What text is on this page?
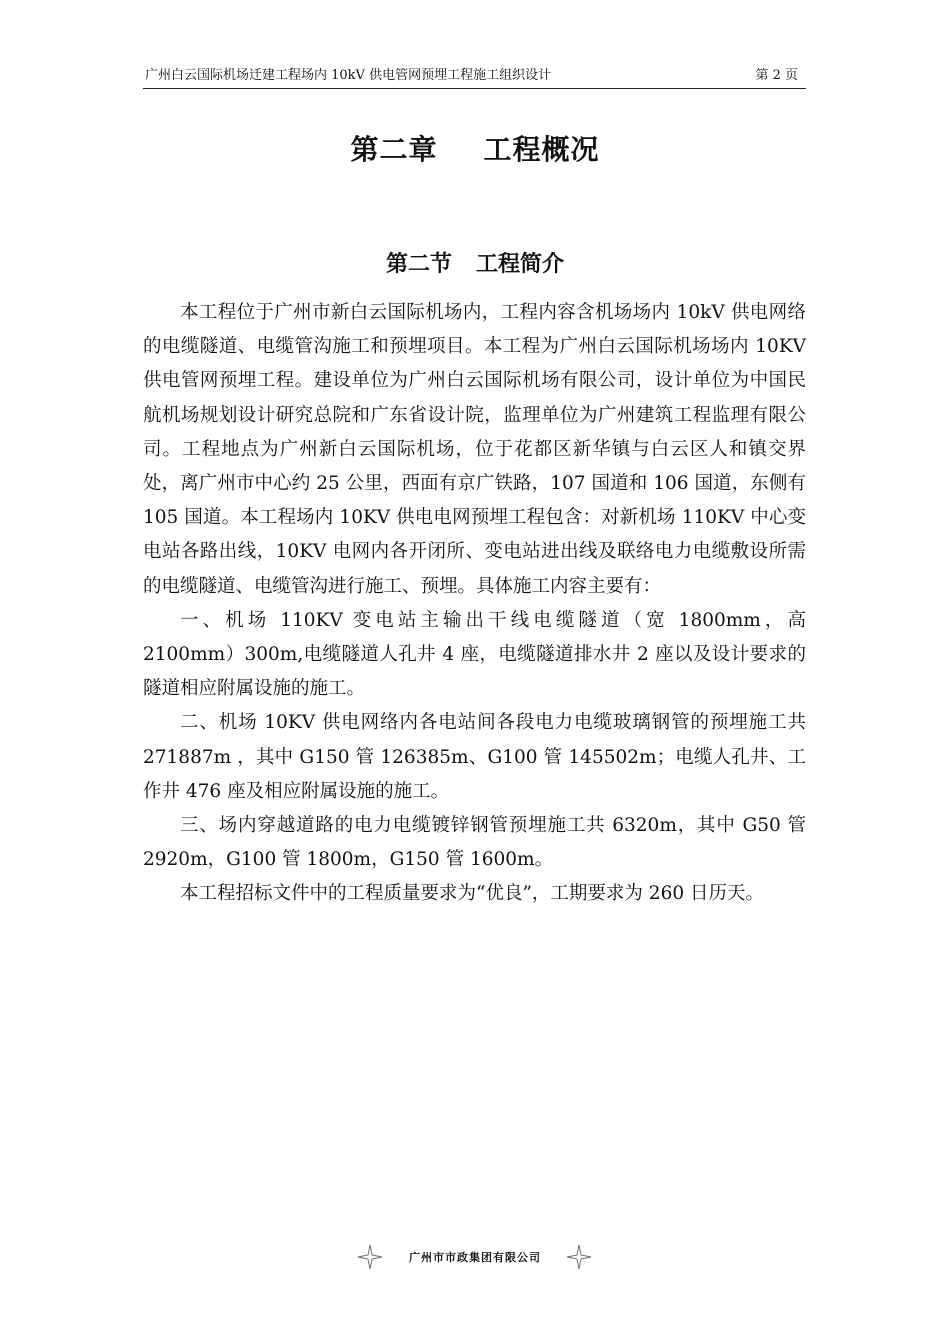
广州白云国际机场迁建工程场内 10kV 供电管网预埋工程施工组织设计	第 2 页
第二章 工程概况
第二节 工程简介

本工程位于广州市新白云国际机场内，工程内容含机场场内 10kV 供电网络的电缆隧道、电缆管沟施工和预埋项目。本工程为广州白云国际机场场内 10KV 供电管网预埋工程。建设单位为广州白云国际机场有限公司，设计单位为中国民航机场规划设计研究总院和广东省设计院，监理单位为广州建筑工程监理有限公司。工程地点为广州新白云国际机场，位于花都区新华镇与白云区人和镇交界处，离广州市中心约 25 公里，西面有京广铁路，107 国道和 106 国道，东侧有 105 国道。本工程场内 10KV 供电电网预埋工程包含：对新机场 110KV 中心变电站各路出线，10KV 电网内各开闭所、变电站进出线及联络电力电缆敷设所需的电缆隧道、电缆管沟进行施工、预埋。具体施工内容主要有：

一、机场 110KV 变电站主输出干线电缆隧道（宽 1800mm，高 2100mm）300m,电缆隧道人孔井 4 座，电缆隧道排水井 2 座以及设计要求的隧道相应附属设施的施工。

二、机场 10KV 供电网络内各电站间各段电力电缆玻璃钢管的预埋施工共 271887m ，其中 G150 管 126385m、G100 管 145502m；电缆人孔井、工作井 476 座及相应附属设施的施工。

三、场内穿越道路的电力电缆镀锌钢管预埋施工共 6320m，其中 G50 管 2920m，G100 管 1800m，G150 管 1600m。

本工程招标文件中的工程质量要求为“优良”，工期要求为 260 日历天。

广州市市政集团有限公司
